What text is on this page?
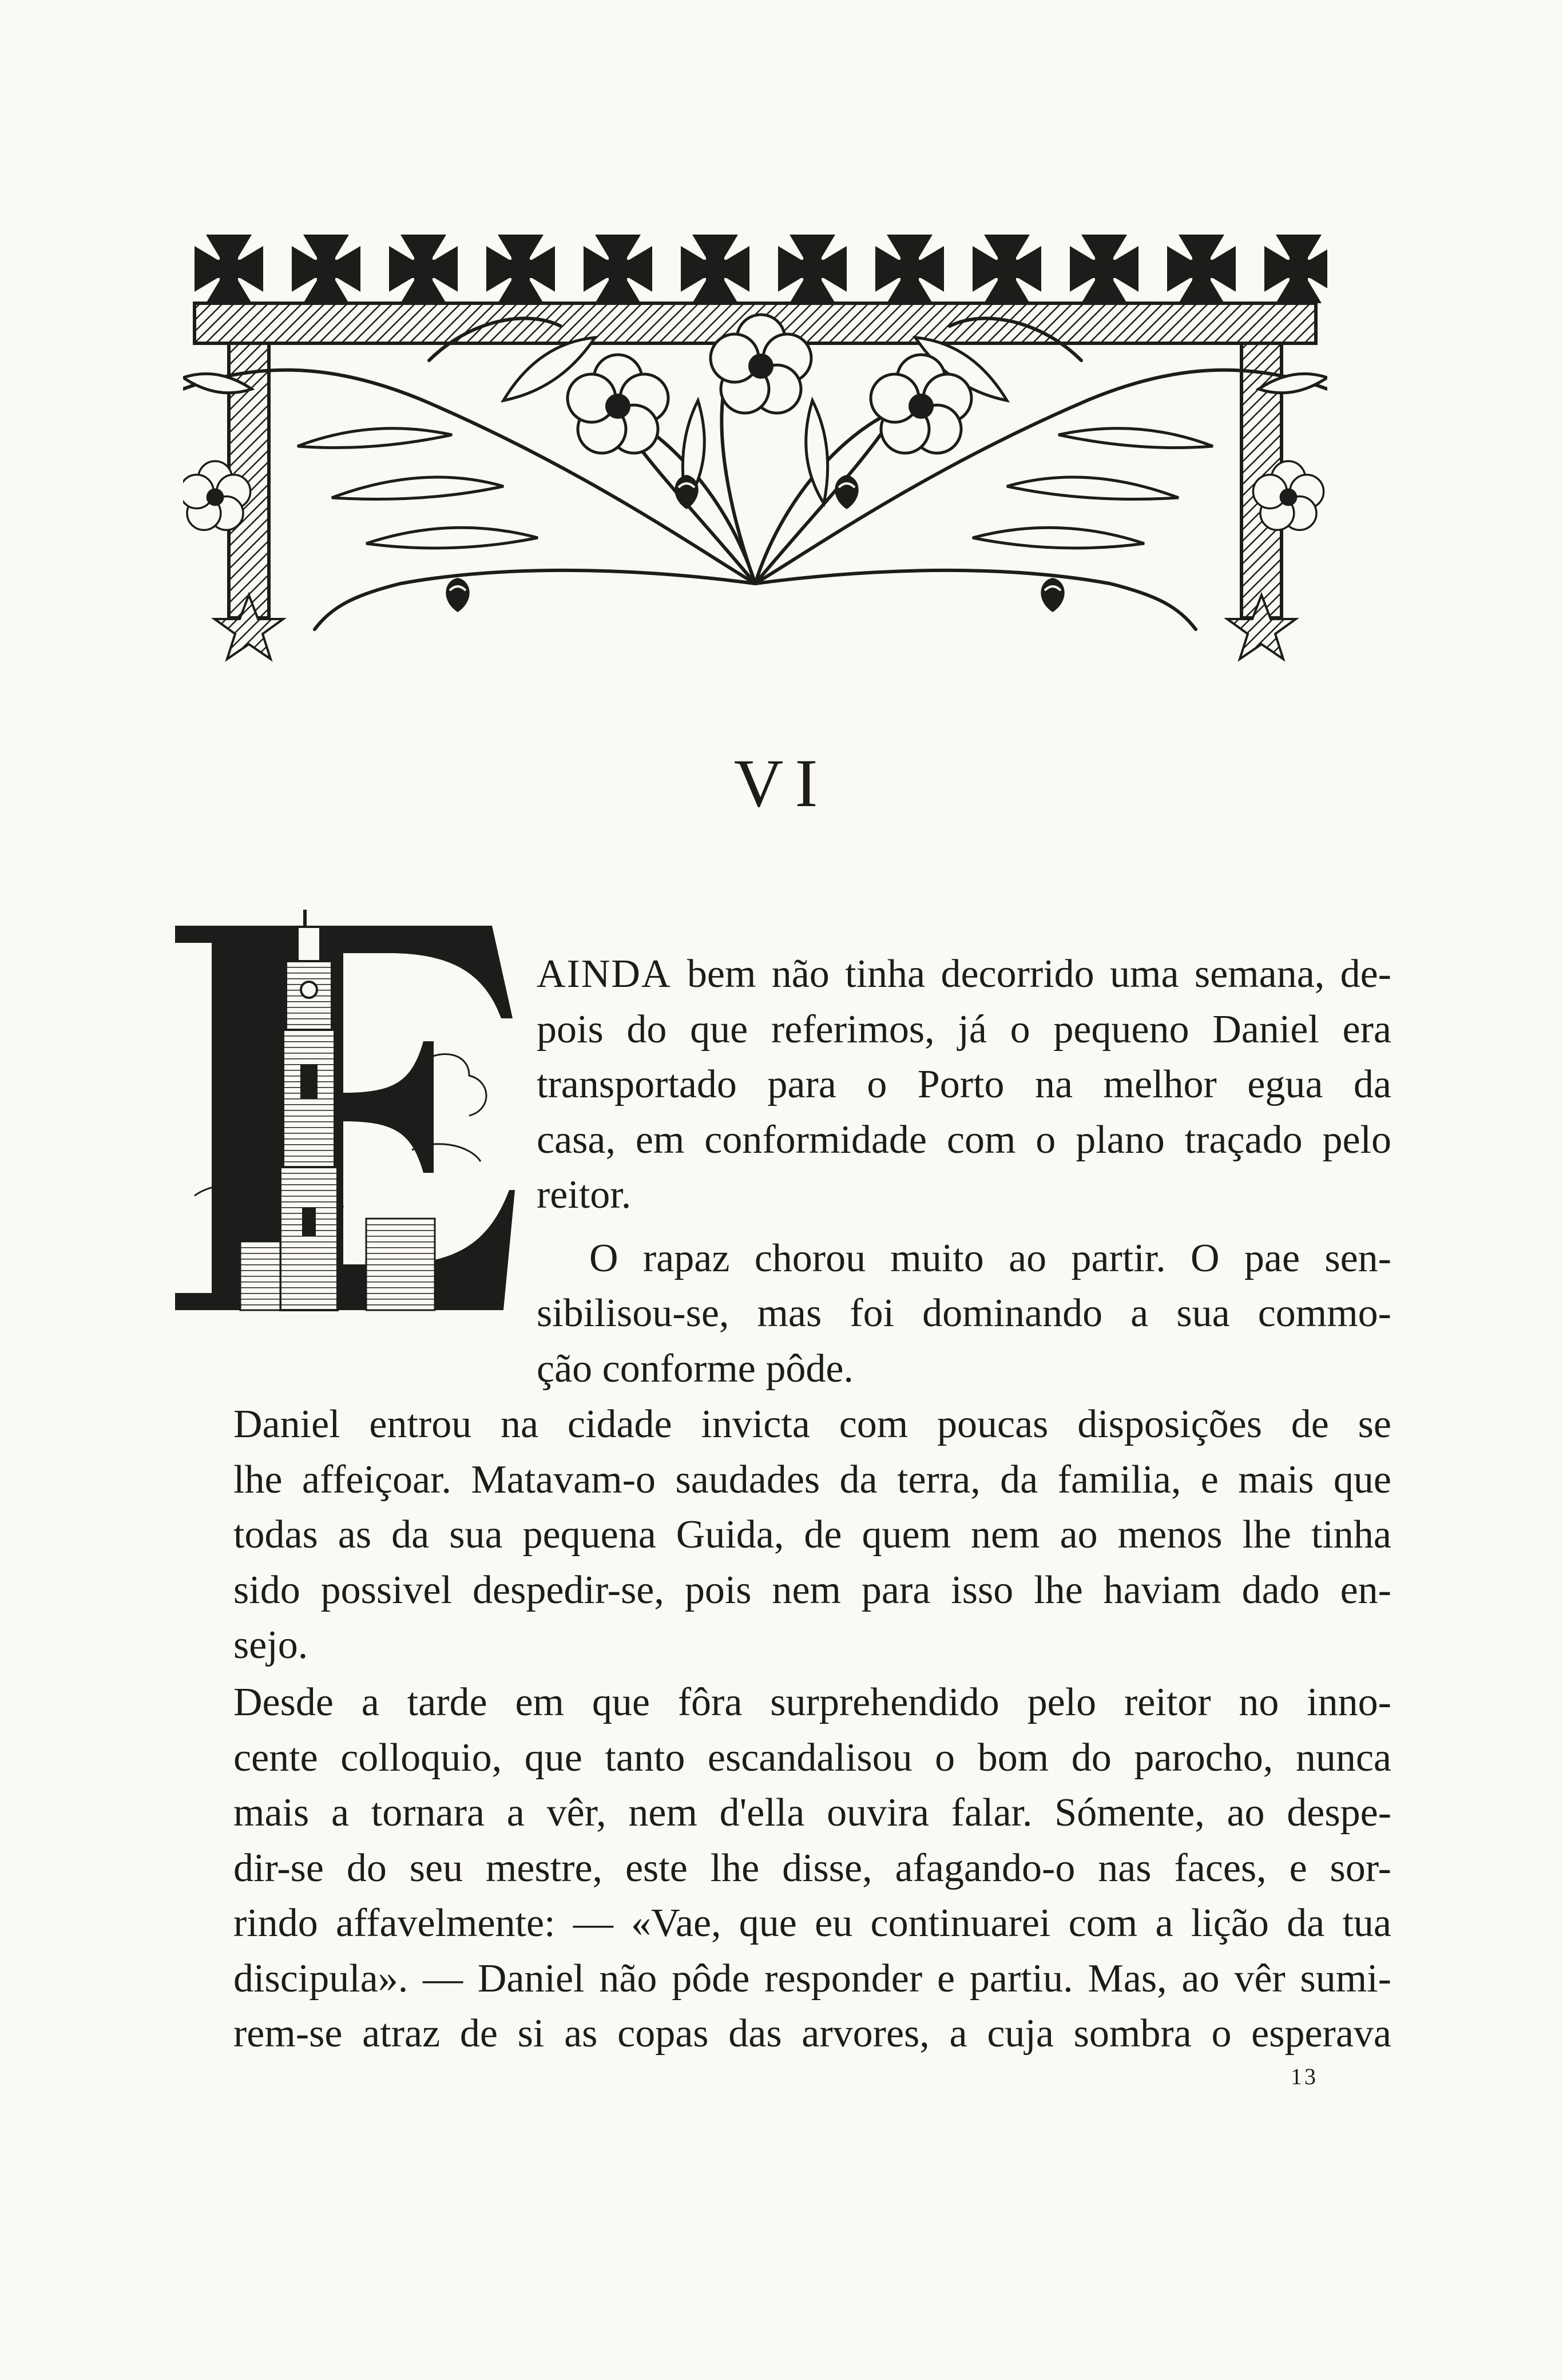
VI
AINDA bem não tinha decorrido uma semana, de-
pois do que referimos, já o pequeno Daniel era
transportado para o Porto na melhor egua da
casa, em conformidade com o plano traçado pelo
reitor.
O rapaz chorou muito ao partir. O pae sen-
sibilisou-se, mas foi dominando a sua commo-
ção conforme pôde.
Daniel entrou na cidade invicta com poucas disposições de se
lhe affeiçoar. Matavam-o saudades da terra, da familia, e mais que
todas as da sua pequena Guida, de quem nem ao menos lhe tinha
sido possivel despedir-se, pois nem para isso lhe haviam dado en-
sejo.
Desde a tarde em que fôra surprehendido pelo reitor no inno-
cente colloquio, que tanto escandalisou o bom do parocho, nunca
mais a tornara a vêr, nem d'ella ouvira falar. Sómente, ao despe-
dir-se do seu mestre, este lhe disse, afagando-o nas faces, e sor-
rindo affavelmente: — «Vae, que eu continuarei com a lição da tua
discipula». — Daniel não pôde responder e partiu. Mas, ao vêr sumi-
rem-se atraz de si as copas das arvores, a cuja sombra o esperava
13
